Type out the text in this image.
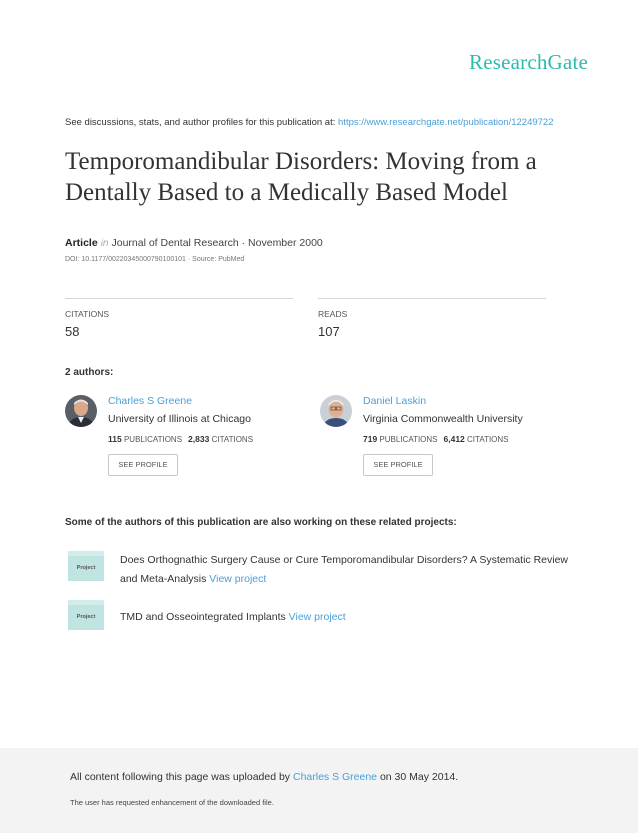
ResearchGate
See discussions, stats, and author profiles for this publication at: https://www.researchgate.net/publication/12249722
Temporomandibular Disorders: Moving from a Dentally Based to a Medically Based Model
Article in Journal of Dental Research · November 2000
DOI: 10.1177/00220345000790100101 · Source: PubMed
CITATIONS
58
READS
107
2 authors:
Charles S Greene
University of Illinois at Chicago
115 PUBLICATIONS 2,833 CITATIONS
SEE PROFILE
Daniel Laskin
Virginia Commonwealth University
719 PUBLICATIONS 6,412 CITATIONS
SEE PROFILE
Some of the authors of this publication are also working on these related projects:
Project
Does Orthognathic Surgery Cause or Cure Temporomandibular Disorders? A Systematic Review and Meta-Analysis View project
Project	TMD and Osseointegrated Implants View project
All content following this page was uploaded by Charles S Greene on 30 May 2014.
The user has requested enhancement of the downloaded file.
